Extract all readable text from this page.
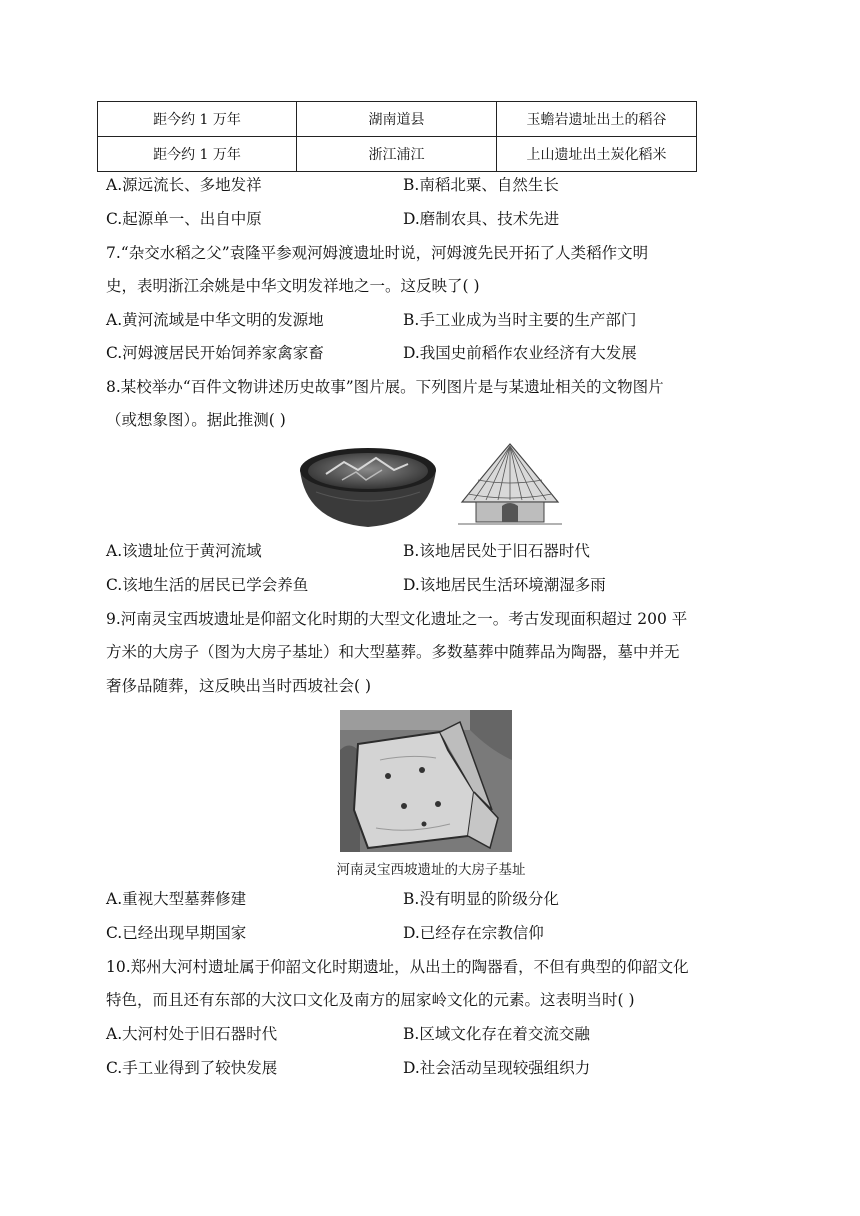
距今约 1 万年	湖南道县	玉蟾岩遗址出土的稻谷
距今约 1 万年	浙江浦江	上山遗址出土炭化稻米
A.源远流长、多地发祥	B.南稻北粟、自然生长
C.起源单一、出自中原	D.磨制农具、技术先进
7.“杂交水稻之父”袁隆平参观河姆渡遗址时说，河姆渡先民开拓了人类稻作文明
史，表明浙江余姚是中华文明发祥地之一。这反映了( )
A.黄河流域是中华文明的发源地	B.手工业成为当时主要的生产部门
C.河姆渡居民开始饲养家禽家畜	D.我国史前稻作农业经济有大发展
8.某校举办“百件文物讲述历史故事”图片展。下列图片是与某遗址相关的文物图片
（或想象图）。据此推测( )
A.该遗址位于黄河流域	B.该地居民处于旧石器时代
C.该地生活的居民已学会养鱼	D.该地居民生活环境潮湿多雨
9.河南灵宝西坡遗址是仰韶文化时期的大型文化遗址之一。考古发现面积超过 200 平
方米的大房子（图为大房子基址）和大型墓葬。多数墓葬中随葬品为陶器，墓中并无
奢侈品随葬，这反映出当时西坡社会( )
河南灵宝西坡遗址的大房子基址
A.重视大型墓葬修建	B.没有明显的阶级分化
C.已经出现早期国家	D.已经存在宗教信仰
10.郑州大河村遗址属于仰韶文化时期遗址，从出土的陶器看，不但有典型的仰韶文化
特色，而且还有东部的大汶口文化及南方的屈家岭文化的元素。这表明当时( )
A.大河村处于旧石器时代	B.区域文化存在着交流交融
C.手工业得到了较快发展	D.社会活动呈现较强组织力
